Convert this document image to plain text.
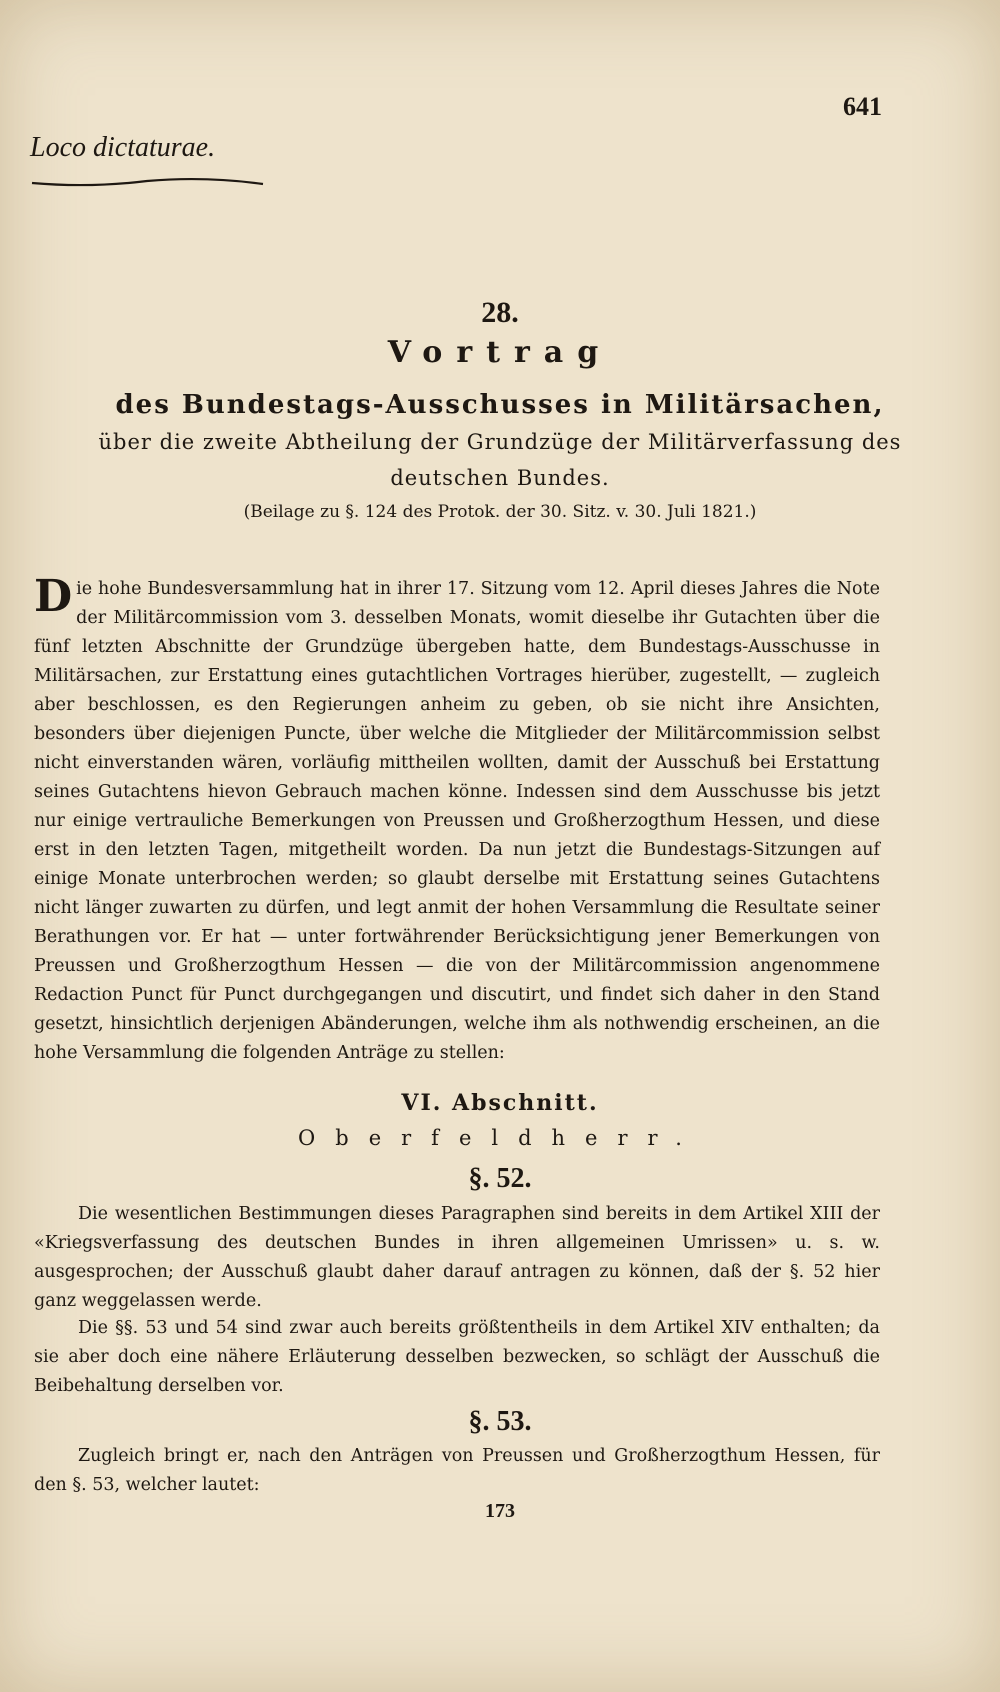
641
Loco dictaturae.
28.
Vortrag
des Bundestags-Ausschusses in Militärsachen,
über die zweite Abtheilung der Grundzüge der Militärverfassung des
deutschen Bundes.
(Beilage zu §. 124 des Protok. der 30. Sitz. v. 30. Juli 1821.)
Die hohe Bundesversammlung hat in ihrer 17. Sitzung vom 12. April dieses Jahres die Note der Militärcommission vom 3. desselben Monats, womit dieselbe ihr Gutachten über die fünf letzten Abschnitte der Grundzüge übergeben hatte, dem Bundestags-Ausschusse in Militärsachen, zur Erstattung eines gutachtlichen Vortrages hierüber, zugestellt, — zugleich aber beschlossen, es den Regierungen anheim zu geben, ob sie nicht ihre Ansichten, besonders über diejenigen Puncte, über welche die Mitglieder der Militärcommission selbst nicht einverstanden wären, vorläufig mittheilen wollten, damit der Ausschuß bei Erstattung seines Gutachtens hievon Gebrauch machen könne. Indessen sind dem Ausschusse bis jetzt nur einige vertrauliche Bemerkungen von Preussen und Großherzogthum Hessen, und diese erst in den letzten Tagen, mitgetheilt worden. Da nun jetzt die Bundestags-Sitzungen auf einige Monate unterbrochen werden; so glaubt derselbe mit Erstattung seines Gutachtens nicht länger zuwarten zu dürfen, und legt anmit der hohen Versammlung die Resultate seiner Berathungen vor. Er hat — unter fortwährender Berücksichtigung jener Bemerkungen von Preussen und Großherzogthum Hessen — die von der Militärcommission angenommene Redaction Punct für Punct durchgegangen und discutirt, und findet sich daher in den Stand gesetzt, hinsichtlich derjenigen Abänderungen, welche ihm als nothwendig erscheinen, an die hohe Versammlung die folgenden Anträge zu stellen:
VI. Abschnitt.
Oberfeldherr.
§. 52.
Die wesentlichen Bestimmungen dieses Paragraphen sind bereits in dem Artikel XIII der «Kriegsverfassung des deutschen Bundes in ihren allgemeinen Umrissen» u. s. w. ausgesprochen; der Ausschuß glaubt daher darauf antragen zu können, daß der §. 52 hier ganz weggelassen werde.
Die §§. 53 und 54 sind zwar auch bereits größtentheils in dem Artikel XIV enthalten; da sie aber doch eine nähere Erläuterung desselben bezwecken, so schlägt der Ausschuß die Beibehaltung derselben vor.
§. 53.
Zugleich bringt er, nach den Anträgen von Preussen und Großherzogthum Hessen, für den §. 53, welcher lautet:
173
